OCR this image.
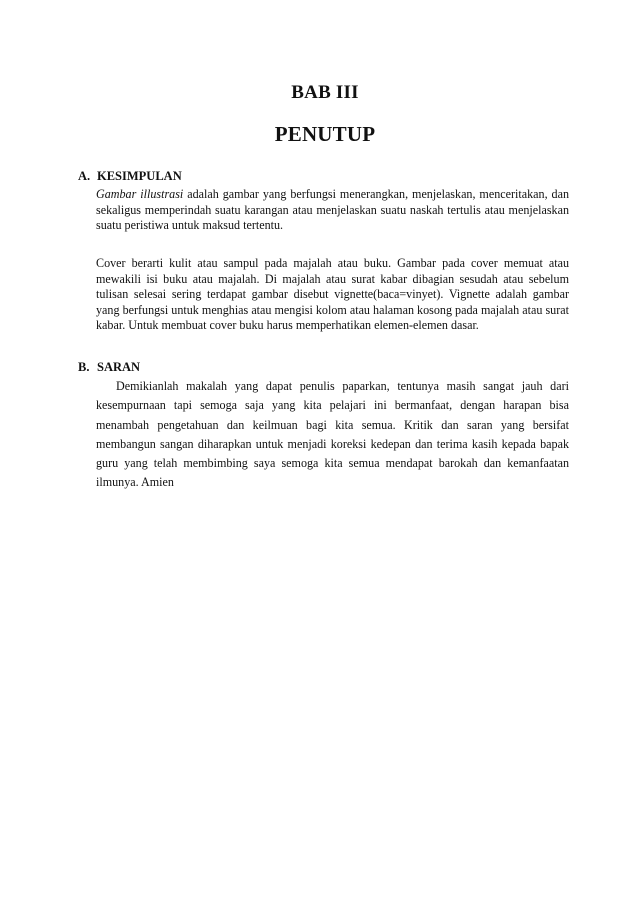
BAB III
PENUTUP
A. KESIMPULAN

Gambar illustrasi adalah gambar yang berfungsi menerangkan, menjelaskan, menceritakan, dan sekaligus memperindah suatu karangan atau menjelaskan suatu naskah tertulis atau menjelaskan suatu peristiwa untuk maksud tertentu.

Cover berarti kulit atau sampul pada majalah atau buku. Gambar pada cover memuat atau mewakili isi buku atau majalah. Di majalah atau surat kabar dibagian sesudah atau sebelum tulisan selesai sering terdapat gambar disebut vignette(baca=vinyet). Vignette adalah gambar yang berfungsi untuk menghias atau mengisi kolom atau halaman kosong pada majalah atau surat kabar. Untuk membuat cover buku harus memperhatikan elemen-elemen dasar.

B. SARAN

Demikianlah makalah yang dapat penulis paparkan, tentunya masih sangat jauh dari kesempurnaan tapi semoga saja yang kita pelajari ini bermanfaat, dengan harapan bisa menambah pengetahuan dan keilmuan bagi kita semua. Kritik dan saran yang bersifat membangun sangan diharapkan untuk menjadi koreksi kedepan dan terima kasih kepada bapak guru yang telah membimbing saya semoga kita semua mendapat barokah dan kemanfaatan ilmunya. Amien
